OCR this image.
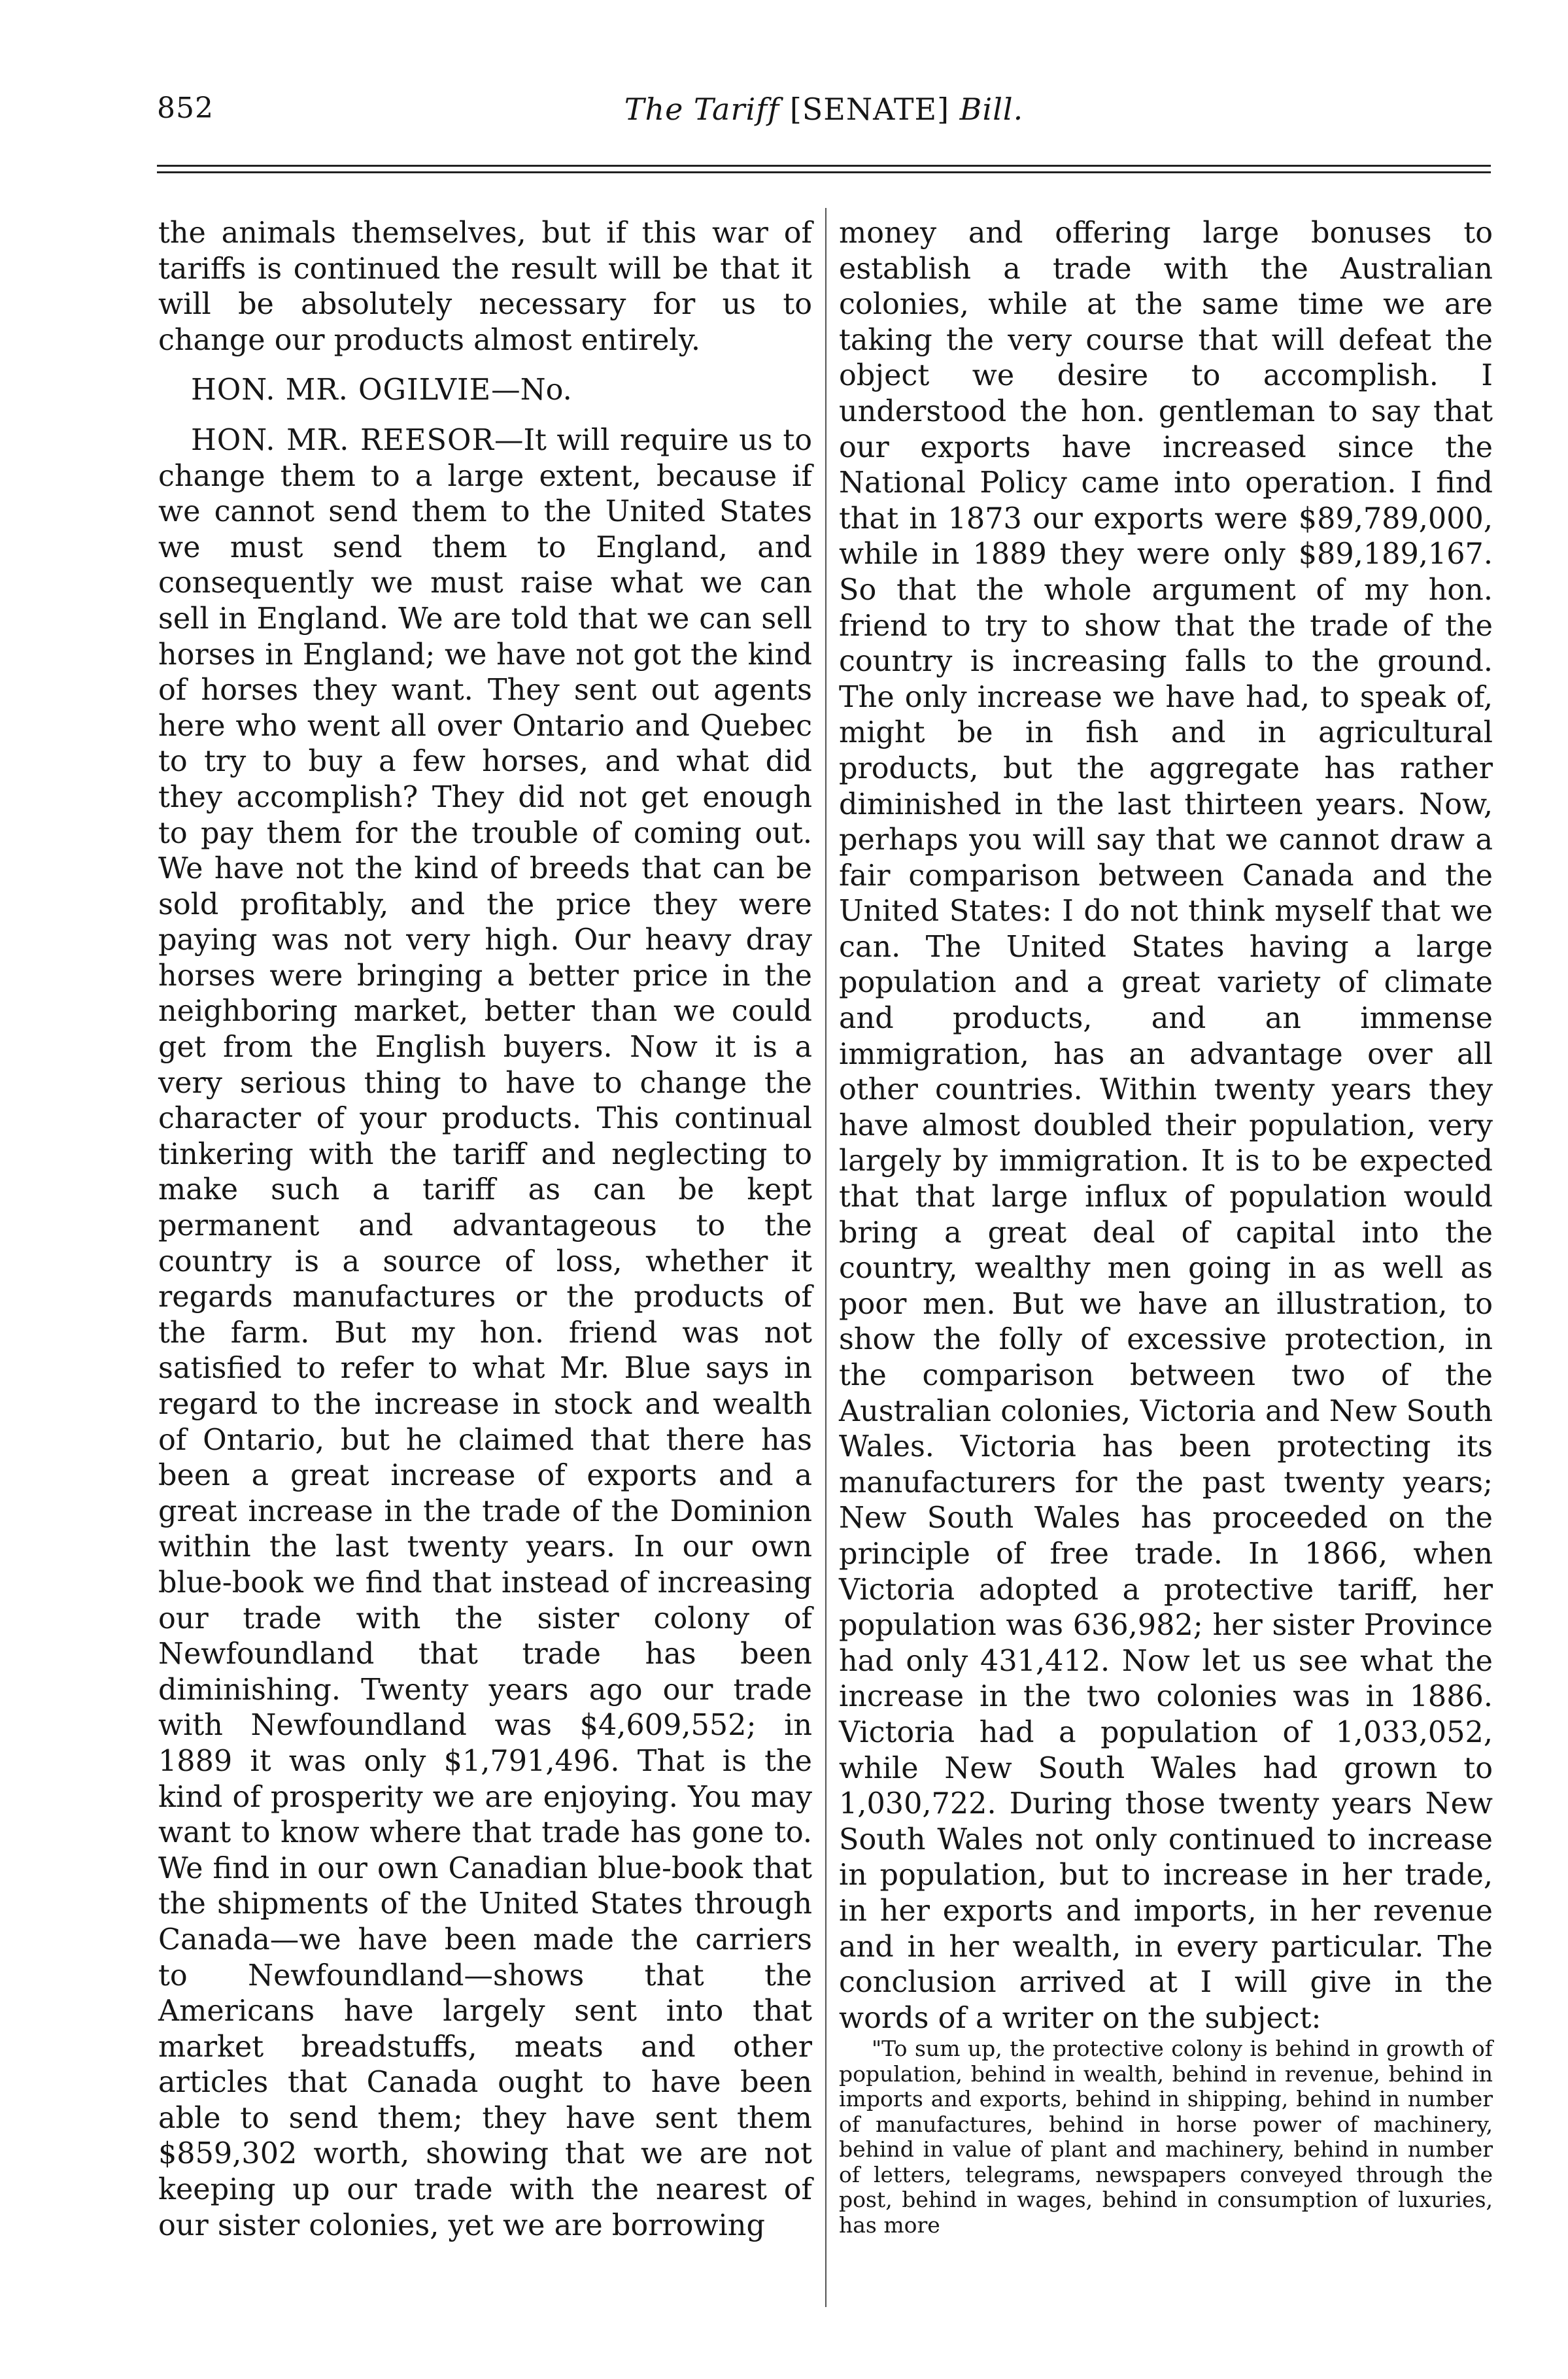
852	The Tariff [SENATE] Bill.

the animals themselves, but if this war of tariffs is continued the result will be that it will be absolutely necessary for us to change our products almost entirely.

HON. MR. OGILVIE—No.

HON. MR. REESOR—It will require us to change them to a large extent, because if we cannot send them to the United States we must send them to England, and consequently we must raise what we can sell in England. We are told that we can sell horses in England; we have not got the kind of horses they want. They sent out agents here who went all over Ontario and Quebec to try to buy a few horses, and what did they accomplish? They did not get enough to pay them for the trouble of coming out. We have not the kind of breeds that can be sold profitably, and the price they were paying was not very high. Our heavy dray horses were bringing a better price in the neighboring market, better than we could get from the English buyers. Now it is a very serious thing to have to change the character of your products. This continual tinkering with the tariff and neglecting to make such a tariff as can be kept permanent and advantageous to the country is a source of loss, whether it regards manufactures or the products of the farm. But my hon. friend was not satisfied to refer to what Mr. Blue says in regard to the increase in stock and wealth of Ontario, but he claimed that there has been a great increase of exports and a great increase in the trade of the Dominion within the last twenty years. In our own blue-book we find that instead of increasing our trade with the sister colony of Newfoundland that trade has been diminishing. Twenty years ago our trade with Newfoundland was $4,609,552; in 1889 it was only $1,791,496. That is the kind of prosperity we are enjoying. You may want to know where that trade has gone to. We find in our own Canadian blue-book that the shipments of the United States through Canada—we have been made the carriers to Newfoundland—shows that the Americans have largely sent into that market breadstuffs, meats and other articles that Canada ought to have been able to send them; they have sent them $859,302 worth, showing that we are not keeping up our trade with the nearest of our sister colonies, yet we are borrowing

money and offering large bonuses to establish a trade with the Australian colonies, while at the same time we are taking the very course that will defeat the object we desire to accomplish. I understood the hon. gentleman to say that our exports have increased since the National Policy came into operation. I find that in 1873 our exports were $89,789,000, while in 1889 they were only $89,189,167. So that the whole argument of my hon. friend to try to show that the trade of the country is increasing falls to the ground. The only increase we have had, to speak of, might be in fish and in agricultural products, but the aggregate has rather diminished in the last thirteen years. Now, perhaps you will say that we cannot draw a fair comparison between Canada and the United States: I do not think myself that we can. The United States having a large population and a great variety of climate and products, and an immense immigration, has an advantage over all other countries. Within twenty years they have almost doubled their population, very largely by immigration. It is to be expected that that large influx of population would bring a great deal of capital into the country, wealthy men going in as well as poor men. But we have an illustration, to show the folly of excessive protection, in the comparison between two of the Australian colonies, Victoria and New South Wales. Victoria has been protecting its manufacturers for the past twenty years; New South Wales has proceeded on the principle of free trade. In 1866, when Victoria adopted a protective tariff, her population was 636,982; her sister Province had only 431,412. Now let us see what the increase in the two colonies was in 1886. Victoria had a population of 1,033,052, while New South Wales had grown to 1,030,722. During those twenty years New South Wales not only continued to increase in population, but to increase in her trade, in her exports and imports, in her revenue and in her wealth, in every particular. The conclusion arrived at I will give in the words of a writer on the subject:

"To sum up, the protective colony is behind in growth of population, behind in wealth, behind in revenue, behind in imports and exports, behind in shipping, behind in number of manufactures, behind in horse power of machinery, behind in value of plant and machinery, behind in number of letters, telegrams, newspapers conveyed through the post, behind in wages, behind in consumption of luxuries, has more
